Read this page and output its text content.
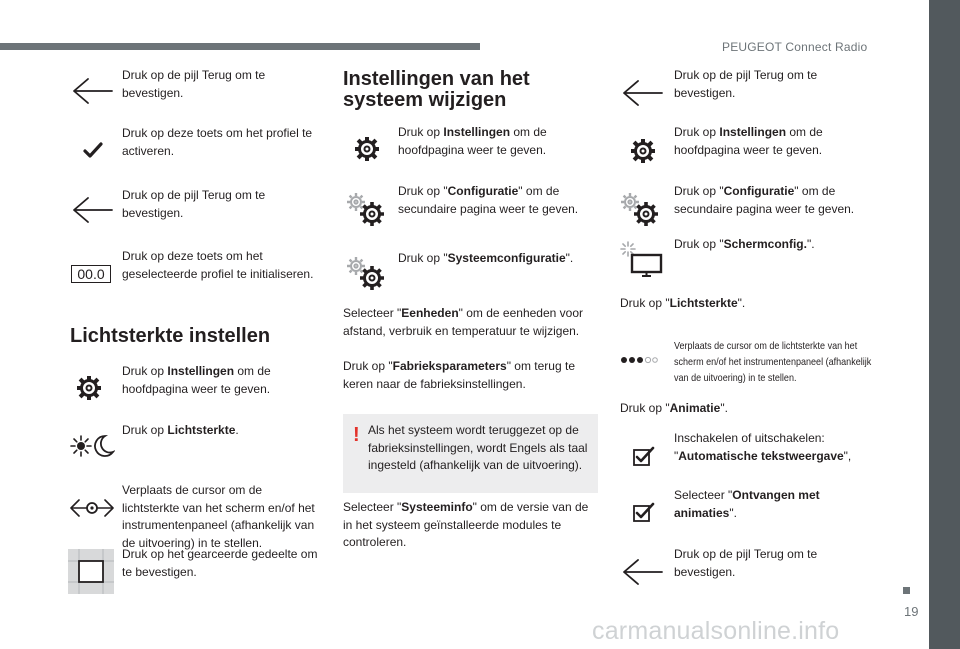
PEUGEOT Connect Radio
19
carmanualsonline.info
Druk op de pijl Terug om te bevestigen.
Druk op deze toets om het profiel te activeren.
Druk op de pijl Terug om te bevestigen.
00.0
Druk op deze toets om het geselecteerde profiel te initialiseren.
Lichtsterkte instellen
Druk op Instellingen om de hoofdpagina weer te geven.
Druk op Lichtsterkte.
Verplaats de cursor om de lichtsterkte van het scherm en/of het instrumentenpaneel (afhankelijk van de uitvoering) in te stellen.
Druk op het gearceerde gedeelte om te bevestigen.
Instellingen van het
systeem wijzigen
Druk op Instellingen om de hoofdpagina weer te geven.
Druk op "Configuratie" om de secundaire pagina weer te geven.
Druk op "Systeemconfiguratie".
Selecteer "Eenheden" om de eenheden voor afstand, verbruik en temperatuur te wijzigen.
Druk op "Fabrieksparameters" om terug te keren naar de fabrieksinstellingen.
! Als het systeem wordt teruggezet op de fabrieksinstellingen, wordt Engels als taal ingesteld (afhankelijk van de uitvoering).
Selecteer "Systeeminfo" om de versie van de in het systeem geïnstalleerde modules te controleren.
Druk op de pijl Terug om te bevestigen.
Druk op Instellingen om de hoofdpagina weer te geven.
Druk op "Configuratie" om de secundaire pagina weer te geven.
Druk op "Schermconfig.".
Druk op "Lichtsterkte".
Verplaats de cursor om de lichtsterkte van het scherm en/of het instrumentenpaneel (afhankelijk van de uitvoering) in te stellen.
Druk op "Animatie".
Inschakelen of uitschakelen: "Automatische tekstweergave",
Selecteer "Ontvangen met animaties".
Druk op de pijl Terug om te bevestigen.
